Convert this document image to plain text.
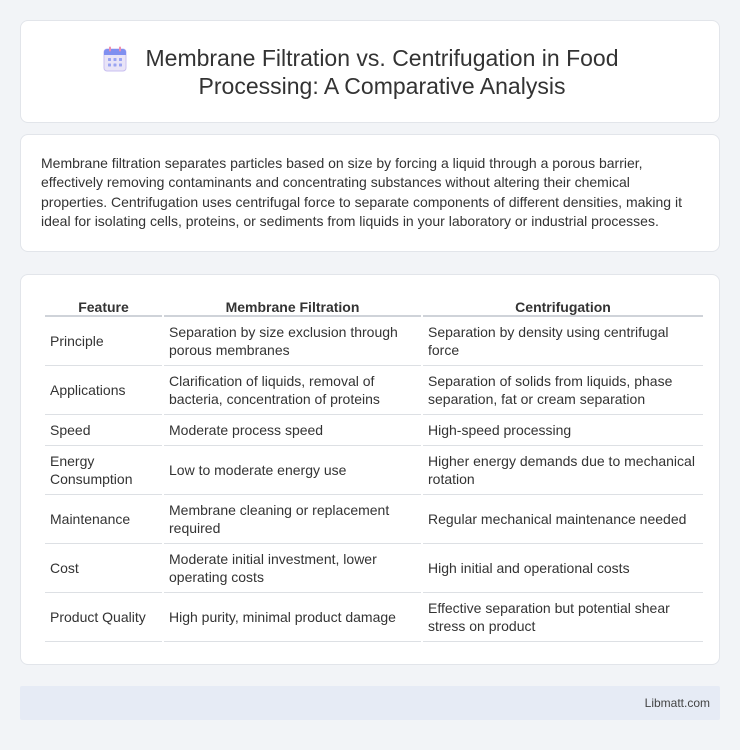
Membrane Filtration vs. Centrifugation in Food Processing: A Comparative Analysis

Membrane filtration separates particles based on size by forcing a liquid through a porous barrier, effectively removing contaminants and concentrating substances without altering their chemical properties. Centrifugation uses centrifugal force to separate components of different densities, making it ideal for isolating cells, proteins, or sediments from liquids in your laboratory or industrial processes.

Feature	Membrane Filtration	Centrifugation
Principle	Separation by size exclusion through porous membranes	Separation by density using centrifugal force
Applications	Clarification of liquids, removal of bacteria, concentration of proteins	Separation of solids from liquids, phase separation, fat or cream separation
Speed	Moderate process speed	High-speed processing
Energy Consumption	Low to moderate energy use	Higher energy demands due to mechanical rotation
Maintenance	Membrane cleaning or replacement required	Regular mechanical maintenance needed
Cost	Moderate initial investment, lower operating costs	High initial and operational costs
Product Quality	High purity, minimal product damage	Effective separation but potential shear stress on product
Libmatt.com
